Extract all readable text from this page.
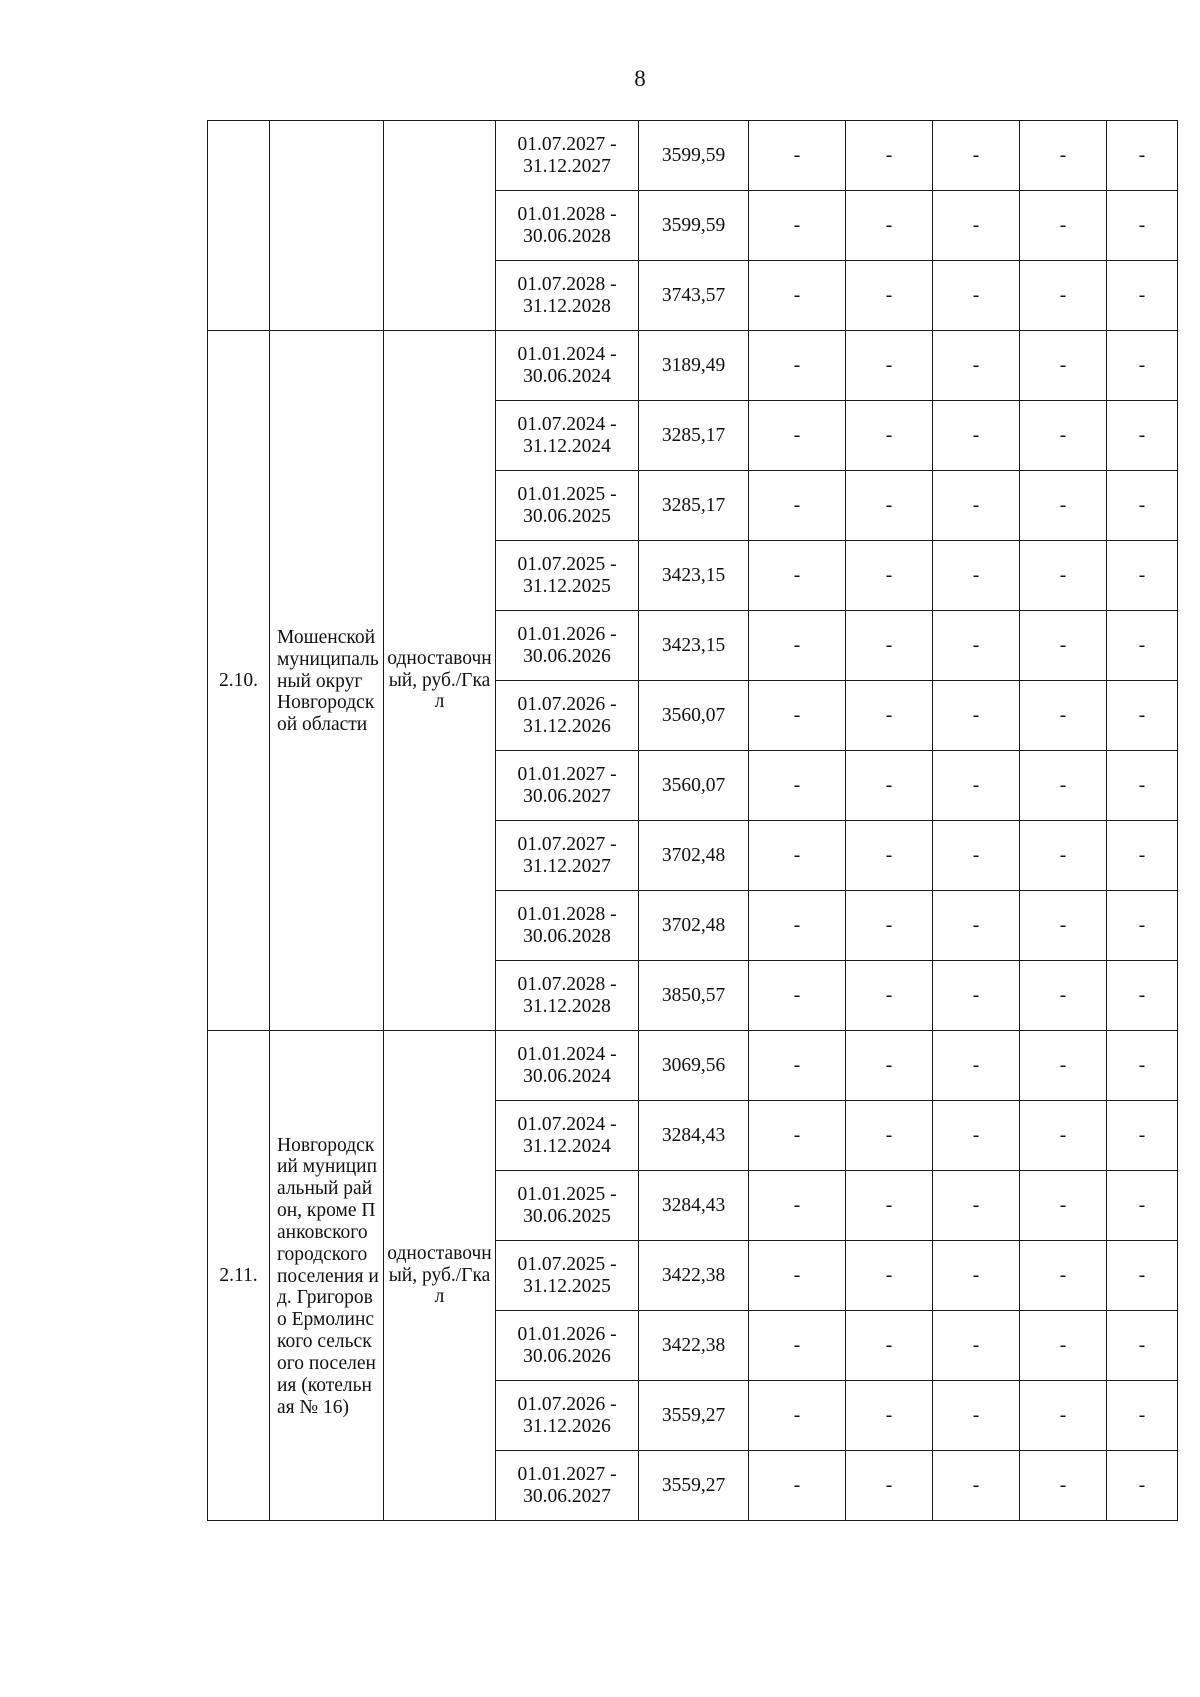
8
			01.07.2027 - 31.12.2027	3599,59	-	-	-	-	-
			01.01.2028 - 30.06.2028	3599,59	-	-	-	-	-
			01.07.2028 - 31.12.2028	3743,57	-	-	-	-	-
2.10.	Мошенской муниципальный округ Новгородской области	одноставочный, руб./Гкал	01.01.2024 - 30.06.2024	3189,49	-	-	-	-	-
			01.07.2024 - 31.12.2024	3285,17	-	-	-	-	-
			01.01.2025 - 30.06.2025	3285,17	-	-	-	-	-
			01.07.2025 - 31.12.2025	3423,15	-	-	-	-	-
			01.01.2026 - 30.06.2026	3423,15	-	-	-	-	-
			01.07.2026 - 31.12.2026	3560,07	-	-	-	-	-
			01.01.2027 - 30.06.2027	3560,07	-	-	-	-	-
			01.07.2027 - 31.12.2027	3702,48	-	-	-	-	-
			01.01.2028 - 30.06.2028	3702,48	-	-	-	-	-
			01.07.2028 - 31.12.2028	3850,57	-	-	-	-	-
2.11.	Новгородский муниципальный район, кроме Панковского городского поселения и д. Григорово Ермолинского сельского поселения (котельная № 16)	одноставочный, руб./Гкал	01.01.2024 - 30.06.2024	3069,56	-	-	-	-	-
			01.07.2024 - 31.12.2024	3284,43	-	-	-	-	-
			01.01.2025 - 30.06.2025	3284,43	-	-	-	-	-
			01.07.2025 - 31.12.2025	3422,38	-	-	-	-	-
			01.01.2026 - 30.06.2026	3422,38	-	-	-	-	-
			01.07.2026 - 31.12.2026	3559,27	-	-	-	-	-
			01.01.2027 - 30.06.2027	3559,27	-	-	-	-	-
